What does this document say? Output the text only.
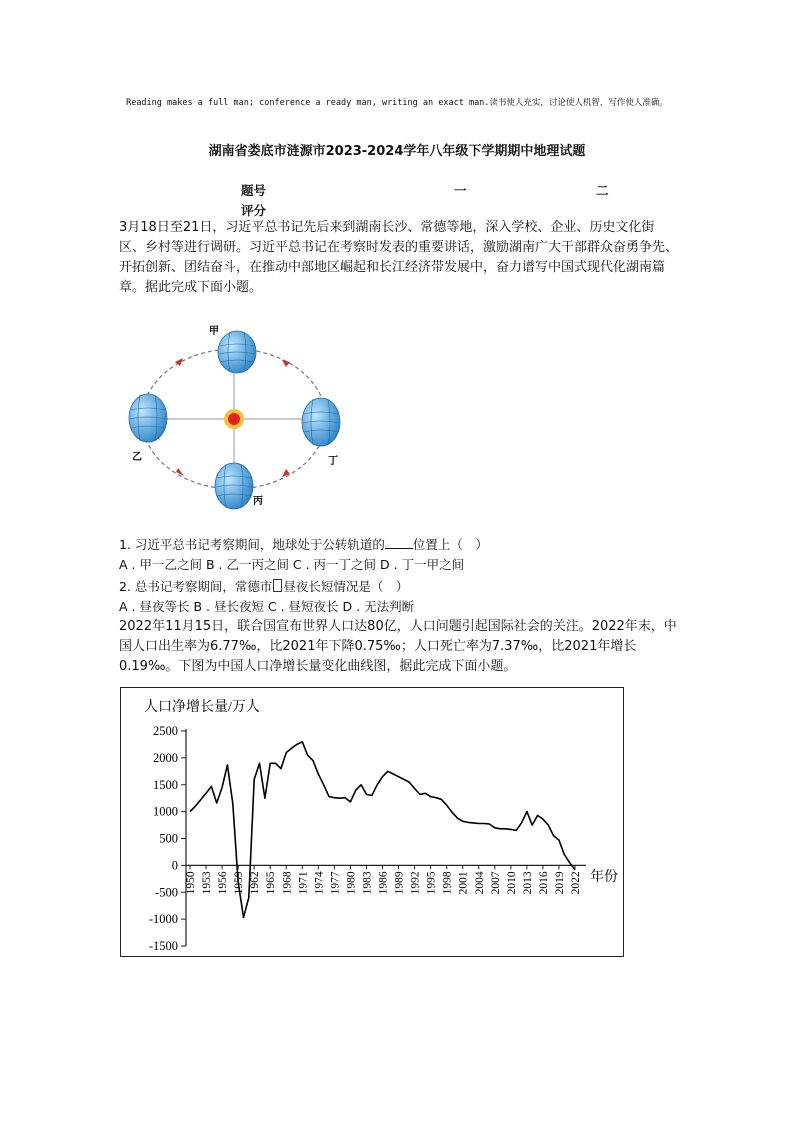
Reading makes a full man; conference a ready man, writing an exact man.读书使人充实，讨论使人机智，写作使人准确。
湖南省娄底市涟源市2023-2024学年八年级下学期期中地理试题
题号
评分
一	二
3月18日至21日，习近平总书记先后来到湖南长沙、常德等地，深入学校、企业、历史文化街区、乡村等进行调研。习近平总书记在考察时发表的重要讲话，激励湖南广大干部群众奋勇争先、开拓创新、团结奋斗，在推动中部地区崛起和长江经济带发展中，奋力谱写中国式现代化湖南篇章。据此完成下面小题。
甲
乙
丙
丁
1. 习近平总书记考察期间，地球处于公转轨道的 位置上（　）
A . 甲一乙之间 B . 乙一丙之间 C . 丙一丁之间 D . 丁一甲之间
2. 总书记考察期间，常德市 昼夜长短情况是（　）
A . 昼夜等长 B . 昼长夜短 C . 昼短夜长 D . 无法判断
2022年11月15日，联合国宣布世界人口达80亿，人口问题引起国际社会的关注。2022年末，中国人口出生率为6.77‰，比2021年下降0.75‰；人口死亡率为7.37‰，比2021年增长0.19‰。下图为中国人口净增长量变化曲线图，据此完成下面小题。
人口净增长量/万人
年份
2500
2000
1500
1000
500
0
-500
-1000
-1500
1950 1953 1956 1959 1962 1965 1968 1971 1974 1977 1980 1983 1986 1989 1992 1995 1998 2001 2004 2007 2010 2013 2016 2019 2022
